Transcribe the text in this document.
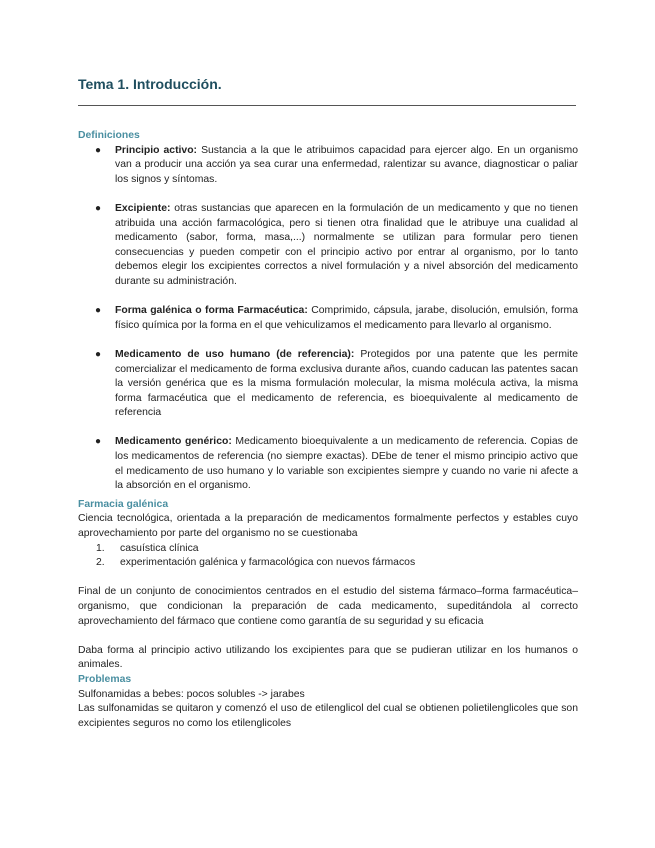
Tema 1. Introducción.
Definiciones
● Principio activo: Sustancia a la que le atribuimos capacidad para ejercer algo. En un organismo van a producir una acción ya sea curar una enfermedad, ralentizar su avance, diagnosticar o paliar los signos y síntomas.
● Excipiente: otras sustancias que aparecen en la formulación de un medicamento y que no tienen atribuida una acción farmacológica, pero si tienen otra finalidad que le atribuye una cualidad al medicamento (sabor, forma, masa,...) normalmente se utilizan para formular pero tienen consecuencias y pueden competir con el principio activo por entrar al organismo, por lo tanto debemos elegir los excipientes correctos a nivel formulación y a nivel absorción del medicamento durante su administración.
● Forma galénica o forma Farmacéutica: Comprimido, cápsula, jarabe, disolución, emulsión, forma físico química por la forma en el que vehiculizamos el medicamento para llevarlo al organismo.
● Medicamento de uso humano (de referencia): Protegidos por una patente que les permite comercializar el medicamento de forma exclusiva durante años, cuando caducan las patentes sacan la versión genérica que es la misma formulación molecular, la misma molécula activa, la misma forma farmacéutica que el medicamento de referencia, es bioequivalente al medicamento de referencia
● Medicamento genérico: Medicamento bioequivalente a un medicamento de referencia. Copias de los medicamentos de referencia (no siempre exactas). DEbe de tener el mismo principio activo que el medicamento de uso humano y lo variable son excipientes siempre y cuando no varie ni afecte a la absorción en el organismo.
Farmacia galénica

Ciencia tecnológica, orientada a la preparación de medicamentos formalmente perfectos y estables cuyo aprovechamiento por parte del organismo no se cuestionaba

1. casuística clínica
2. experimentación galénica y farmacológica con nuevos fármacos

Final de un conjunto de conocimientos centrados en el estudio del sistema fármaco–forma farmacéutica–organismo, que condicionan la preparación de cada medicamento, supeditándola al correcto aprovechamiento del fármaco que contiene como garantía de su seguridad y su eficacia

Daba forma al principio activo utilizando los excipientes para que se pudieran utilizar en los humanos o animales.

Problemas

Sulfonamidas a bebes: pocos solubles -> jarabes

Las sulfonamidas se quitaron y comenzó el uso de etilenglicol del cual se obtienen polietilenglicoles que son excipientes seguros no como los etilenglicoles
